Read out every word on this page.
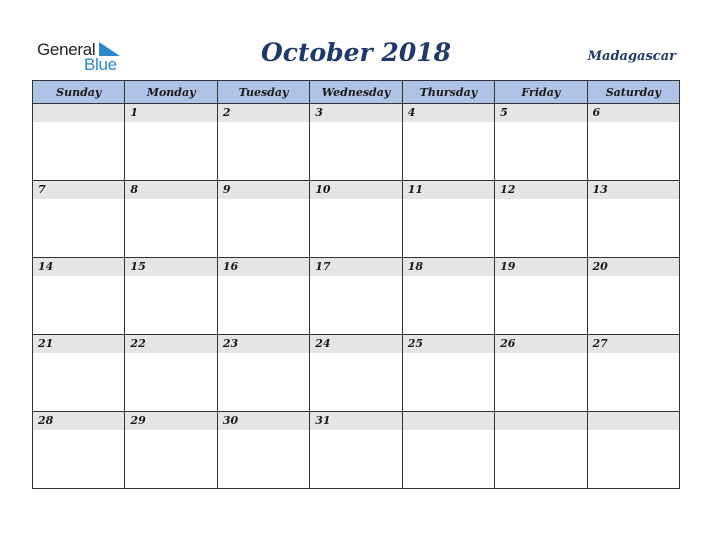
General
Blue	October 2018	Madagascar
Sunday	Monday	Tuesday	Wednesday	Thursday	Friday	Saturday

	1	2	3	4	5	6

7	8	9	10	11	12	13

14	15	16	17	18	19	20

21	22	23	24	25	26	27

28	29	30	31			
